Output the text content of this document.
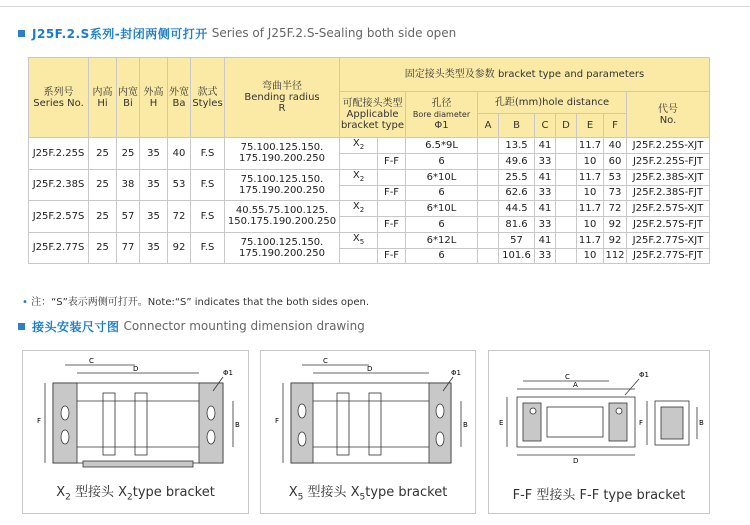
J25F.2.S系列-封闭两侧可打开 Series of J25F.2.S-Sealing both side open
系列号
Series No.	内高
Hi	内宽
Bi	外高
H	外宽
Ba	款式
Styles	弯曲半径
Bending radius
R	固定接头类型及参数 bracket type and parameters									
							可配接头类型
Applicable
bracket type		孔径
Bore diameter
Φ1	孔距(mm)hole distance						代号
No.
										A	B	C	D	E	F	
J25F.2.25S	25	25	35	40	F.S	75.100.125.150.
175.190.200.250	$X_2$		6.5*9L		13.5	41		11.7	40	J25F.2.25S-XJT
								F-F	6		49.6	33		10	60	J25F.2.25S-FJT
J25F.2.38S	25	38	35	53	F.S	75.100.125.150.
175.190.200.250	$X_2$		6*10L		25.5	41		11.7	53	J25F.2.38S-XJT
								F-F	6		62.6	33		10	73	J25F.2.38S-FJT
J25F.2.57S	25	57	35	72	F.S	40.55.75.100.125.
150.175.190.200.250	$X_2$		6*10L		44.5	41		11.7	72	J25F.2.57S-XJT
								F-F	6		81.6	33		10	92	J25F.2.57S-FJT
J25F.2.77S	25	77	35	92	F.S	75.100.125.150.
175.190.200.250	$X_5$		6*12L		57	41		11.7	92	J25F.2.77S-XJT
								F-F	6		101.6	33		10	112	J25F.2.77S-FJT
• 注：“S”表示两侧可打开。Note:“S” indicates that the both sides open.
接头安装尺寸图 Connector mounting dimension drawing
C
D
F	B
Φ1
$X_2$ 型接头 $X_2type$ bracket
C
D
F	B
Φ1
$X_5$ 型接头 $X_5type$ bracket
C
A
D
E	F	B
Φ1
F-F 型接头 F-F type bracket
